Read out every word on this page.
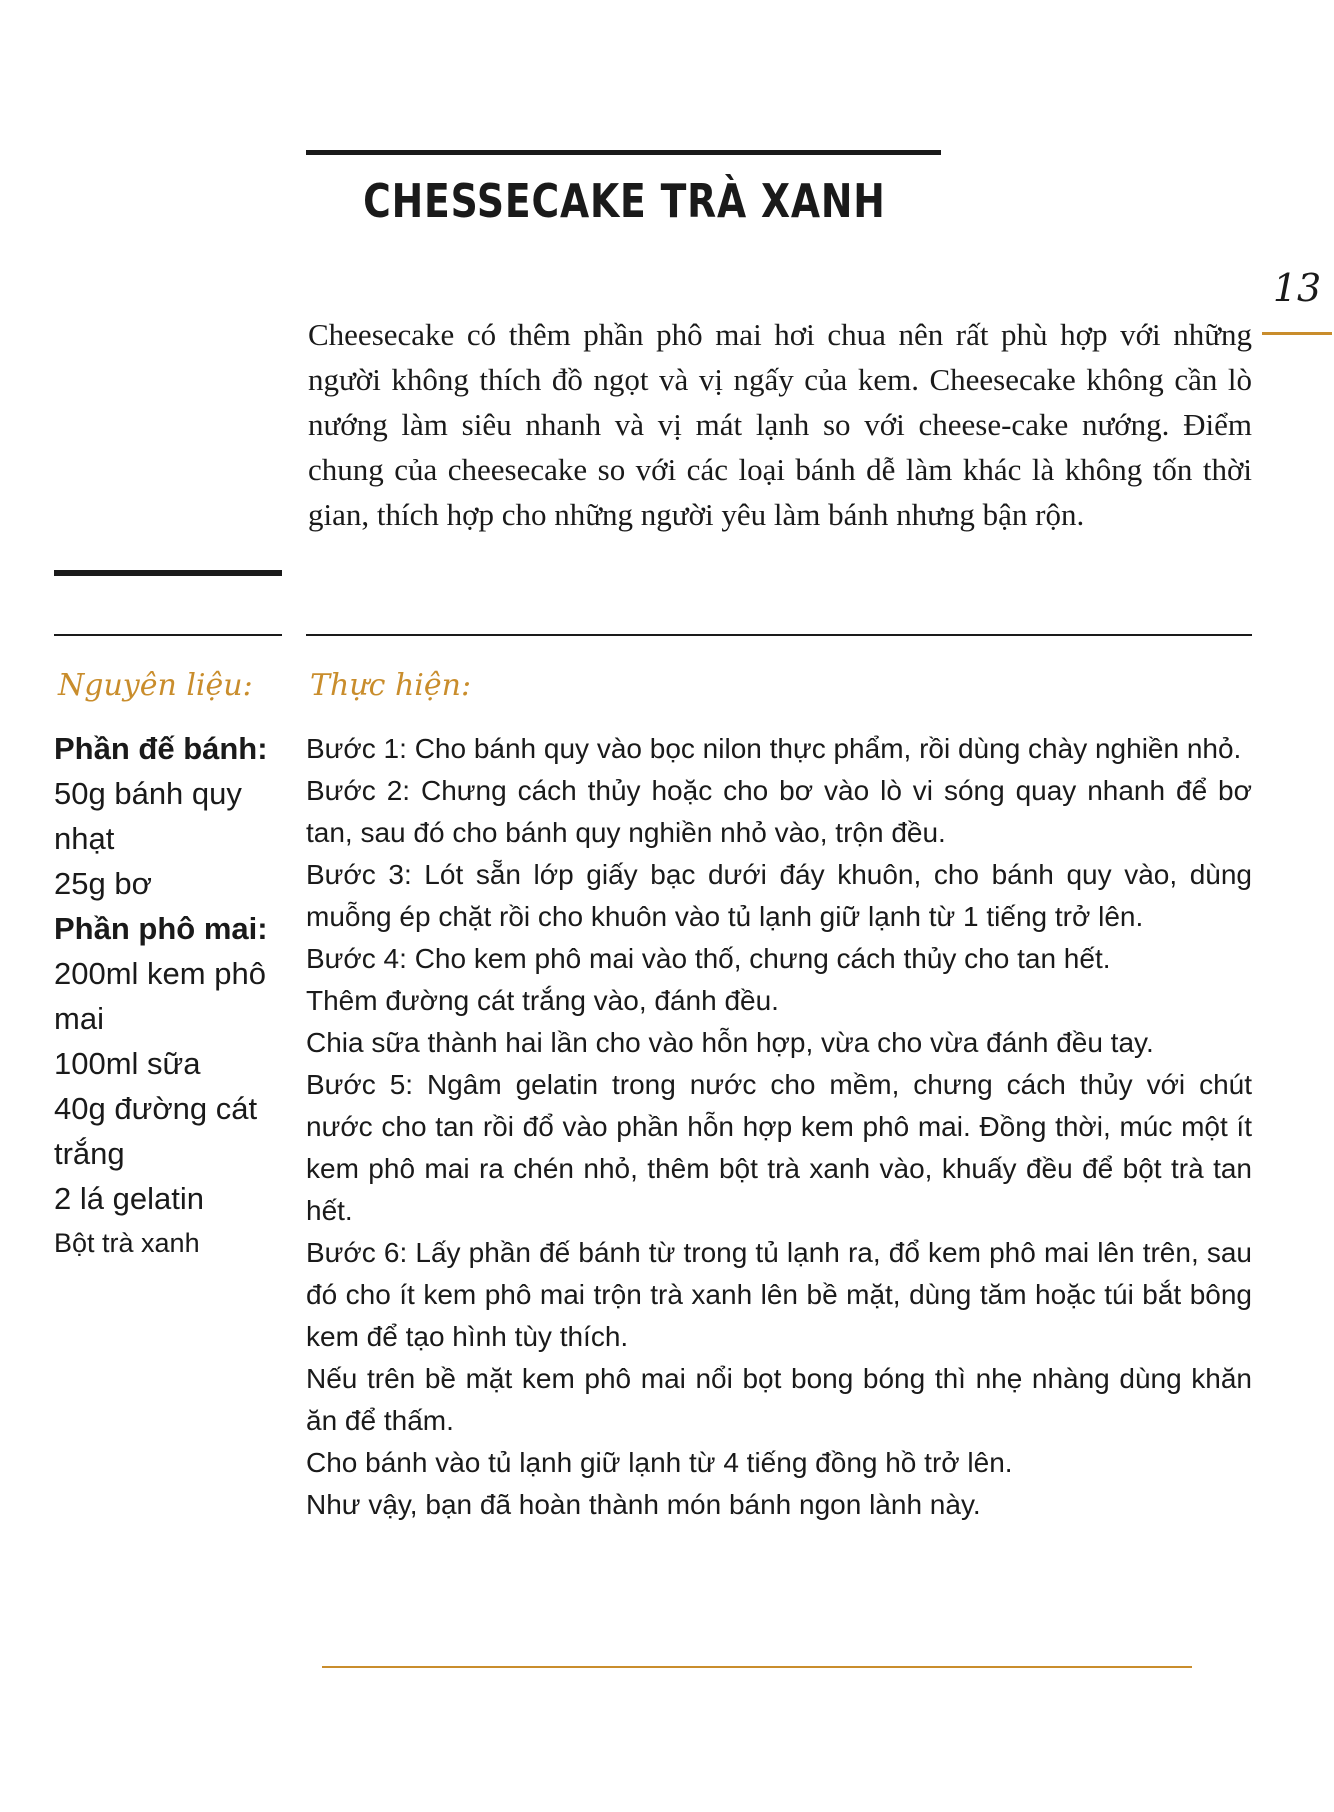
CHESSECAKE TRÀ XANH
13

Cheesecake có thêm phần phô mai hơi chua nên rất phù hợp với những người không thích đồ ngọt và vị ngấy của kem. Cheesecake không cần lò nướng làm siêu nhanh và vị mát lạnh so với cheese-cake nướng. Điểm chung của cheesecake so với các loại bánh dễ làm khác là không tốn thời gian, thích hợp cho những người yêu làm bánh nhưng bận rộn.

Nguyên liệu: Thực hiện:
Phần đế bánh:
50g bánh quy nhạt
25g bơ
Phần phô mai:
200ml kem phô mai
100ml sữa
40g đường cát trắng
2 lá gelatin
Bột trà xanh
Bước 1: Cho bánh quy vào bọc nilon thực phẩm, rồi dùng chày nghiền nhỏ.
Bước 2: Chưng cách thủy hoặc cho bơ vào lò vi sóng quay nhanh để bơ tan, sau đó cho bánh quy nghiền nhỏ vào, trộn đều.
Bước 3: Lót sẵn lớp giấy bạc dưới đáy khuôn, cho bánh quy vào, dùng muỗng ép chặt rồi cho khuôn vào tủ lạnh giữ lạnh từ 1 tiếng trở lên.
Bước 4: Cho kem phô mai vào thố, chưng cách thủy cho tan hết.
Thêm đường cát trắng vào, đánh đều.
Chia sữa thành hai lần cho vào hỗn hợp, vừa cho vừa đánh đều tay.
Bước 5: Ngâm gelatin trong nước cho mềm, chưng cách thủy với chút nước cho tan rồi đổ vào phần hỗn hợp kem phô mai. Đồng thời, múc một ít kem phô mai ra chén nhỏ, thêm bột trà xanh vào, khuấy đều để bột trà tan hết.
Bước 6: Lấy phần đế bánh từ trong tủ lạnh ra, đổ kem phô mai lên trên, sau đó cho ít kem phô mai trộn trà xanh lên bề mặt, dùng tăm hoặc túi bắt bông kem để tạo hình tùy thích.
Nếu trên bề mặt kem phô mai nổi bọt bong bóng thì nhẹ nhàng dùng khăn ăn để thấm.
Cho bánh vào tủ lạnh giữ lạnh từ 4 tiếng đồng hồ trở lên.
Như vậy, bạn đã hoàn thành món bánh ngon lành này.
